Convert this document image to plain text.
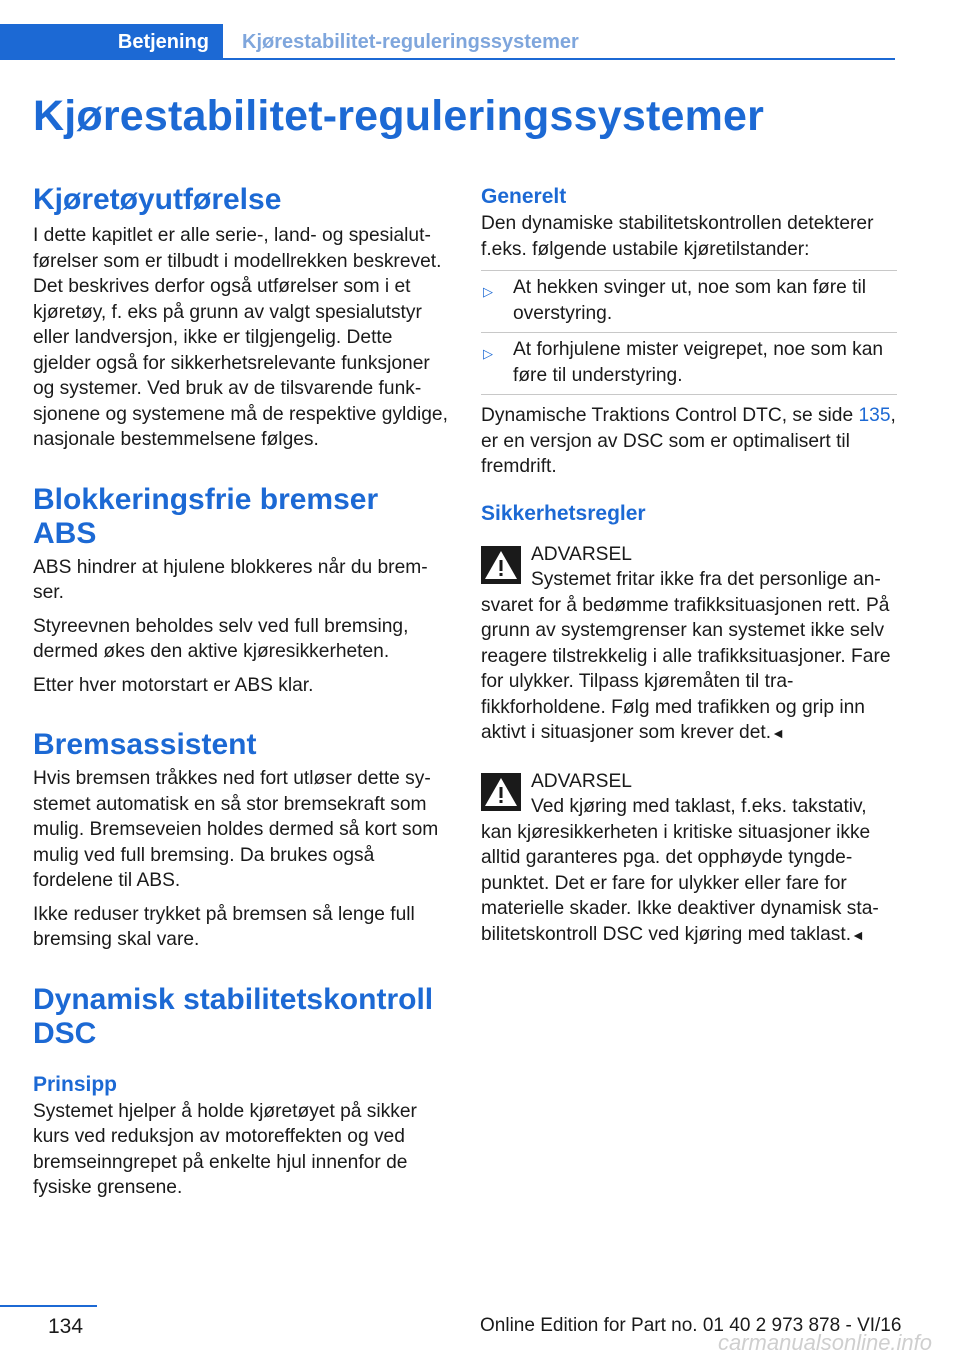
Betjening	Kjørestabilitet-reguleringssystemer
Kjørestabilitet-reguleringssystemer
Kjøretøyutførelse

I dette kapitlet er alle serie-, land- og spesialutførelser som er tilbudt i modellrekken beskrevet. Det beskrives derfor også utførelser som i et kjøretøy, f. eks på grunn av valgt spesialutstyr eller landversjon, ikke er tilgjengelig. Dette gjelder også for sikkerhetsrelevante funksjoner og systemer. Ved bruk av de tilsvarende funksjonene og systemene må de respektive gyldige, nasjonale bestemmelsene følges.

Blokkeringsfrie bremser ABS

ABS hindrer at hjulene blokkeres når du bremser.

Styreevnen beholdes selv ved full bremsing, dermed økes den aktive kjøresikkerheten.

Etter hver motorstart er ABS klar.

Bremsassistent

Hvis bremsen tråkkes ned fort utløser dette systemet automatisk en så stor bremsekraft som mulig. Bremseveien holdes dermed så kort som mulig ved full bremsing. Da brukes også fordelene til ABS.

Ikke reduser trykket på bremsen så lenge full bremsing skal vare.

Dynamisk stabilitetskontroll DSC
Prinsipp

Systemet hjelper å holde kjøretøyet på sikker kurs ved reduksjon av motoreffekten og ved bremseinngrepet på enkelte hjul innenfor de fysiske grensene.

Generelt

Den dynamiske stabilitetskontrollen detekterer f.eks. følgende ustabile kjøretilstander:

▷ At hekken svinger ut, noe som kan føre til overstyring.
▷ At forhjulene mister veigrepet, noe som kan føre til understyring.

Dynamische Traktions Control DTC, se side 135, er en versjon av DSC som er optimalisert til fremdrift.

Sikkerhetsregler
ADVARSEL
Systemet fritar ikke fra det personlige ansvaret for å bedømme trafikksituasjonen rett. På grunn av systemgrenser kan systemet ikke selv reagere tilstrekkelig i alle trafikksituasjoner. Fare for ulykker. Tilpass kjøremåten til trafikkforholdene. Følg med trafikken og grip inn aktivt i situasjoner som krever det.◄
ADVARSEL
Ved kjøring med taklast, f.eks. takstativ, kan kjøresikkerheten i kritiske situasjoner ikke alltid garanteres pga. det opphøyde tyngdepunktet. Det er fare for ulykker eller fare for materielle skader. Ikke deaktiver dynamisk stabilitetskontroll DSC ved kjøring med taklast.◄
134	Online Edition for Part no. 01 40 2 973 878 - VI/16
carmanualsonline.info
